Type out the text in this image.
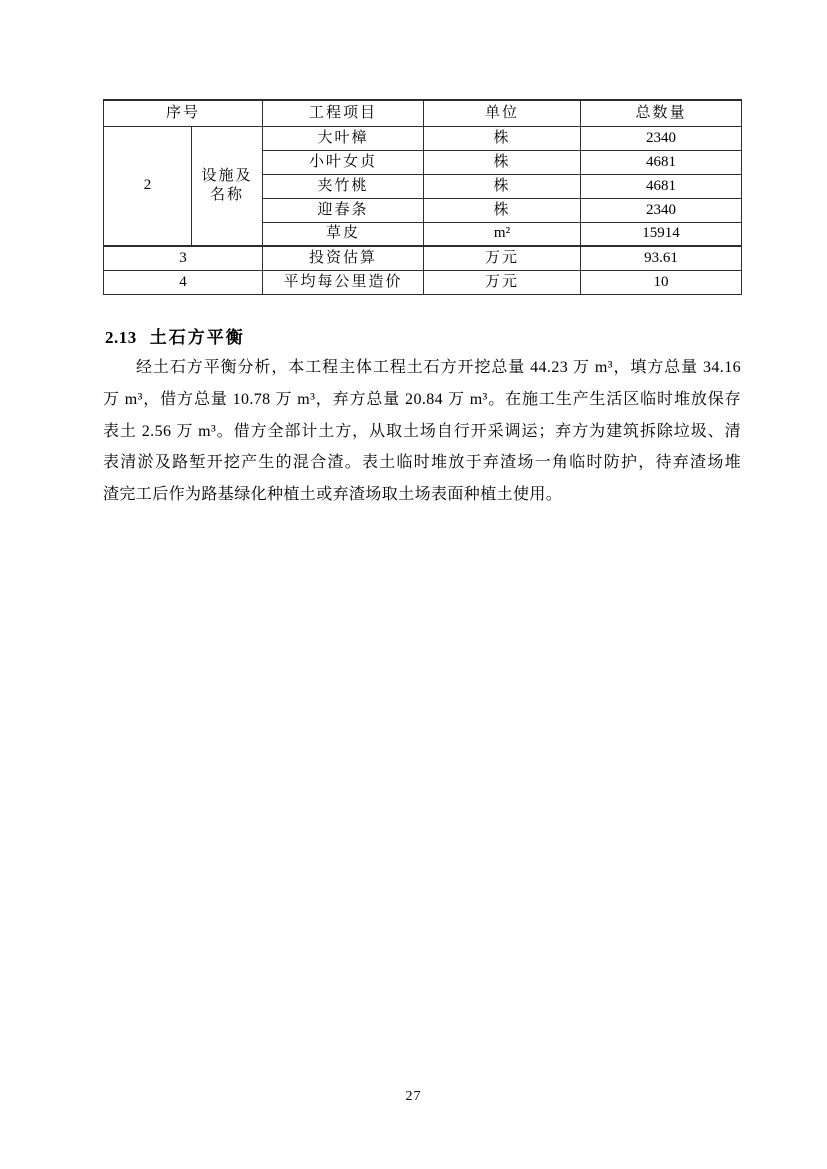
序号		工程项目	单位	总数量
2	设施及名称	大叶樟	株	2340
		小叶女贞	株	4681
		夹竹桃	株	4681
		迎春条	株	2340
		草皮	m²	15914
3		投资估算	万元	93.61
4		平均每公里造价	万元	10
2.13 土石方平衡
经土石方平衡分析，本工程主体工程土石方开挖总量 44.23 万 m³，填方总量 34.16
万 m³，借方总量 10.78 万 m³，弃方总量 20.84 万 m³。在施工生产生活区临时堆放保存
表土 2.56 万 m³。借方全部计土方，从取土场自行开采调运；弃方为建筑拆除垃圾、清
表清淤及路堑开挖产生的混合渣。表土临时堆放于弃渣场一角临时防护，待弃渣场堆
渣完工后作为路基绿化种植土或弃渣场取土场表面种植土使用。
27
